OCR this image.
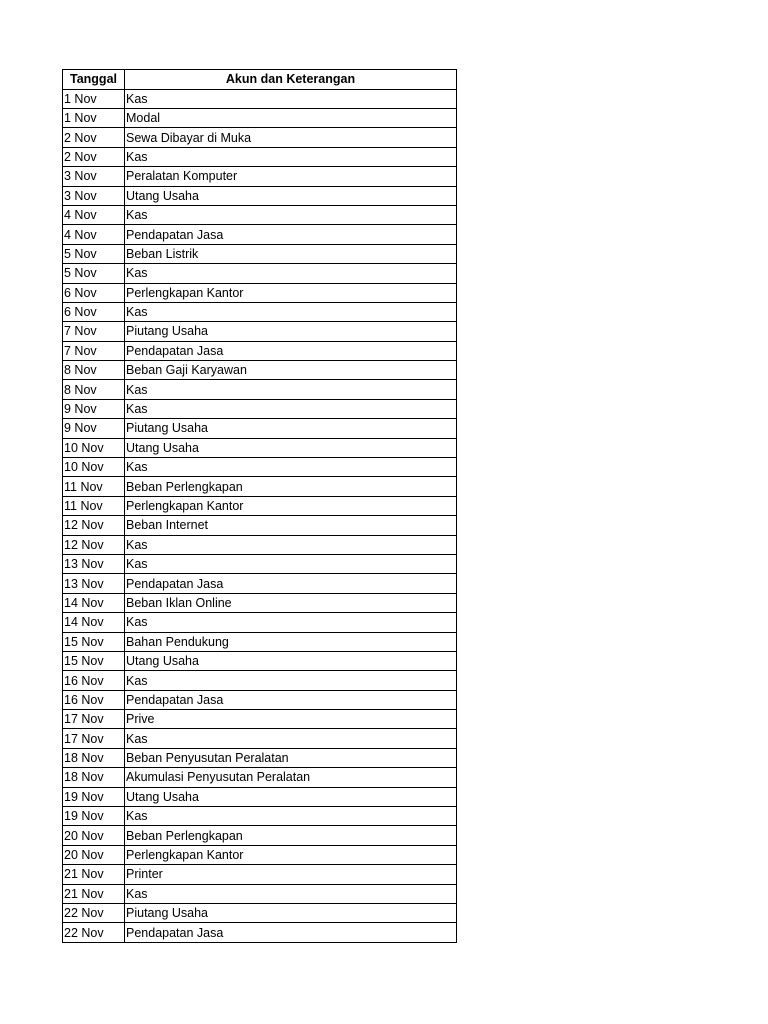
Tanggal	Akun dan Keterangan
1 Nov	Kas
1 Nov	Modal
2 Nov	Sewa Dibayar di Muka
2 Nov	Kas
3 Nov	Peralatan Komputer
3 Nov	Utang Usaha
4 Nov	Kas
4 Nov	Pendapatan Jasa
5 Nov	Beban Listrik
5 Nov	Kas
6 Nov	Perlengkapan Kantor
6 Nov	Kas
7 Nov	Piutang Usaha
7 Nov	Pendapatan Jasa
8 Nov	Beban Gaji Karyawan
8 Nov	Kas
9 Nov	Kas
9 Nov	Piutang Usaha
10 Nov	Utang Usaha
10 Nov	Kas
11 Nov	Beban Perlengkapan
11 Nov	Perlengkapan Kantor
12 Nov	Beban Internet
12 Nov	Kas
13 Nov	Kas
13 Nov	Pendapatan Jasa
14 Nov	Beban Iklan Online
14 Nov	Kas
15 Nov	Bahan Pendukung
15 Nov	Utang Usaha
16 Nov	Kas
16 Nov	Pendapatan Jasa
17 Nov	Prive
17 Nov	Kas
18 Nov	Beban Penyusutan Peralatan
18 Nov	Akumulasi Penyusutan Peralatan
19 Nov	Utang Usaha
19 Nov	Kas
20 Nov	Beban Perlengkapan
20 Nov	Perlengkapan Kantor
21 Nov	Printer
21 Nov	Kas
22 Nov	Piutang Usaha
22 Nov	Pendapatan Jasa
